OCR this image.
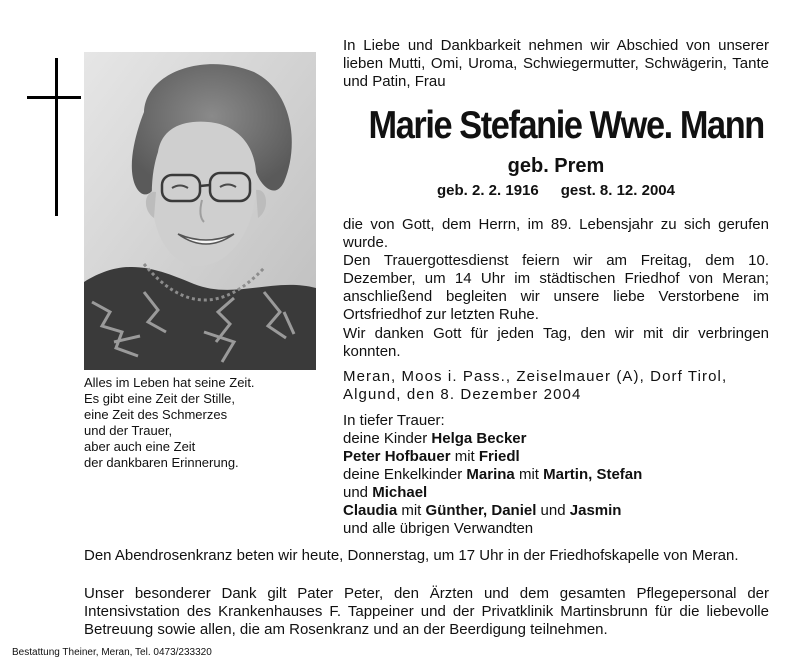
Alles im Leben hat seine Zeit.
Es gibt eine Zeit der Stille,
eine Zeit des Schmerzes
und der Trauer,
aber auch eine Zeit
der dankbaren Erinnerung.
In Liebe und Dankbarkeit nehmen wir Abschied von unserer lieben Mutti, Omi, Uroma, Schwiegermutter, Schwägerin, Tante und Patin, Frau
Marie Stefanie Wwe. Mann
geb. Prem
geb. 2. 2. 1916 gest. 8. 12. 2004
die von Gott, dem Herrn, im 89. Lebensjahr zu sich gerufen wurde.
Den Trauergottesdienst feiern wir am Freitag, dem 10. Dezember, um 14 Uhr im städtischen Friedhof von Meran; anschließend begleiten wir unsere liebe Verstorbene im Ortsfriedhof zur letzten Ruhe.
Wir danken Gott für jeden Tag, den wir mit dir verbringen konnten.
Meran, Moos i. Pass., Zeiselmauer (A), Dorf Tirol, Algund, den 8. Dezember 2004
In tiefer Trauer:
deine Kinder Helga Becker
Peter Hofbauer mit Friedl
deine Enkelkinder Marina mit Martin, Stefan
und Michael
Claudia mit Günther, Daniel und Jasmin
und alle übrigen Verwandten
Den Abendrosenkranz beten wir heute, Donnerstag, um 17 Uhr in der Friedhofskapelle von Meran.
Unser besonderer Dank gilt Pater Peter, den Ärzten und dem gesamten Pflegepersonal der Intensivstation des Krankenhauses F. Tappeiner und der Privatklinik Martinsbrunn für die liebevolle Betreuung sowie allen, die am Rosenkranz und an der Beerdigung teilnehmen.
Bestattung Theiner, Meran, Tel. 0473/233320
